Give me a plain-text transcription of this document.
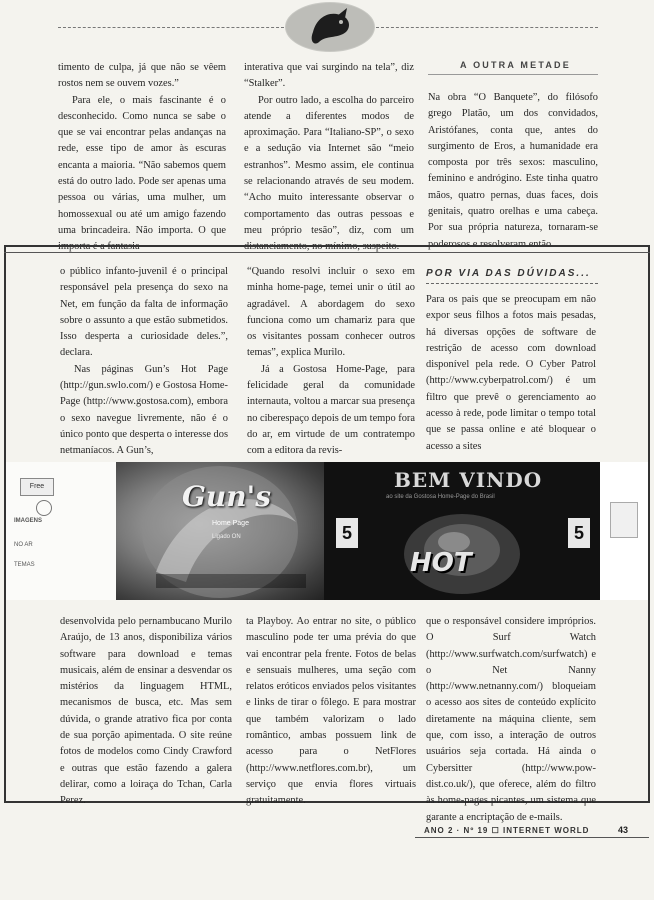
timento de culpa, já que não se vêem rostos nem se ouvem vozes.”

Para ele, o mais fascinante é o desconhecido. Como nunca se sabe o que se vai encontrar pelas andanças na rede, esse tipo de amor às escuras encanta a maioria. “Não sabemos quem está do outro lado. Pode ser apenas uma pessoa ou várias, uma mulher, um homossexual ou até um amigo fazendo uma brincadeira. Não importa. O que importa é a fantasia

interativa que vai surgindo na tela”, diz “Stalker”.

Por outro lado, a escolha do parceiro atende a diferentes modos de aproximação. Para “Italiano-SP”, o sexo e a sedução via Internet são “meio estranhos”. Mesmo assim, ele continua se relacionando através de seu modem. “Acho muito interessante observar o comportamento das outras pessoas e meu próprio tesão”, diz, com um distanciamento, no mínimo, suspeito.

A OUTRA METADE

Na obra “O Banquete”, do filósofo grego Platão, um dos convidados, Aristófanes, conta que, antes do surgimento de Eros, a humanidade era composta por três sexos: masculino, feminino e andrógino. Este tinha quatro mãos, quatro pernas, duas faces, dois genitais, quatro orelhas e uma cabeça. Por sua própria natureza, tornaram-se poderosos e resolveram então

o público infanto-juvenil é o principal responsável pela presença do sexo na Net, em função da falta de informação sobre o assunto a que estão submetidos. Isso desperta a curiosidade deles.”, declara.

Nas páginas Gun’s Hot Page (http://gun.swlo.com/) e Gostosa Home-Page (http://www.gostosa.com), embora o sexo navegue livremente, não é o único ponto que desperta o interesse dos netmaníacos. A Gun’s,

“Quando resolvi incluir o sexo em minha home-page, temei unir o útil ao agradável. A abordagem do sexo funciona como um chamariz para que os visitantes possam conhecer outros temas”, explica Murilo.

Já a Gostosa Home-Page, para felicidade geral da comunidade internauta, voltou a marcar sua presença no ciberespaço depois de um tempo fora do ar, em virtude de um contratempo com a editora da revis-

POR VIA DAS DÚVIDAS...

Para os pais que se preocupam em não expor seus filhos a fotos mais pesadas, há diversas opções de software de restrição de acesso com download disponível pela rede. O Cyber Patrol (http://www.cyberpatrol.com/) é um filtro que prevê o gerenciamento ao acesso à rede, pode limitar o tempo total que se passa online e até bloquear o acesso a sites

Free
IMAGENS
NO AR
TEMAS
Gun's
Home Page
Ligado ON
BEM VINDO
ao site da Gostosa Home-Page do Brasil
HOT
5	5

desenvolvida pelo pernambucano Murilo Araújo, de 13 anos, disponibiliza vários software para download e temas musicais, além de ensinar a desvendar os mistérios da linguagem HTML, mecanismos de busca, etc. Mas sem dúvida, o grande atrativo fica por conta de sua porção apimentada. O site reúne fotos de modelos como Cindy Crawford e outras que estão fazendo a galera delirar, como a loiraça do Tchan, Carla Perez.

ta Playboy. Ao entrar no site, o público masculino pode ter uma prévia do que vai encontrar pela frente. Fotos de belas e sensuais mulheres, uma seção com relatos eróticos enviados pelos visitantes e links de tirar o fôlego. E para mostrar que também valorizam o lado romântico, ambas possuem link de acesso para o NetFlores (http://www.netflores.com.br), um serviço que envia flores virtuais gratuitamente.

que o responsável considere impróprios. O Surf Watch (http://www.surfwatch.com/surfwatch) e o Net Nanny (http://www.netnanny.com/) bloqueiam o acesso aos sites de conteúdo explícito diretamente na máquina cliente, sem que, com isso, a interação de outros usuários seja cortada. Há ainda o Cybersitter (http://www.pow-dist.co.uk/), que oferece, além do filtro às home-pages picantes, um sistema que garante a encriptação de e-mails.

ANO 2 · Nº 19 ☐ INTERNET WORLD	43
